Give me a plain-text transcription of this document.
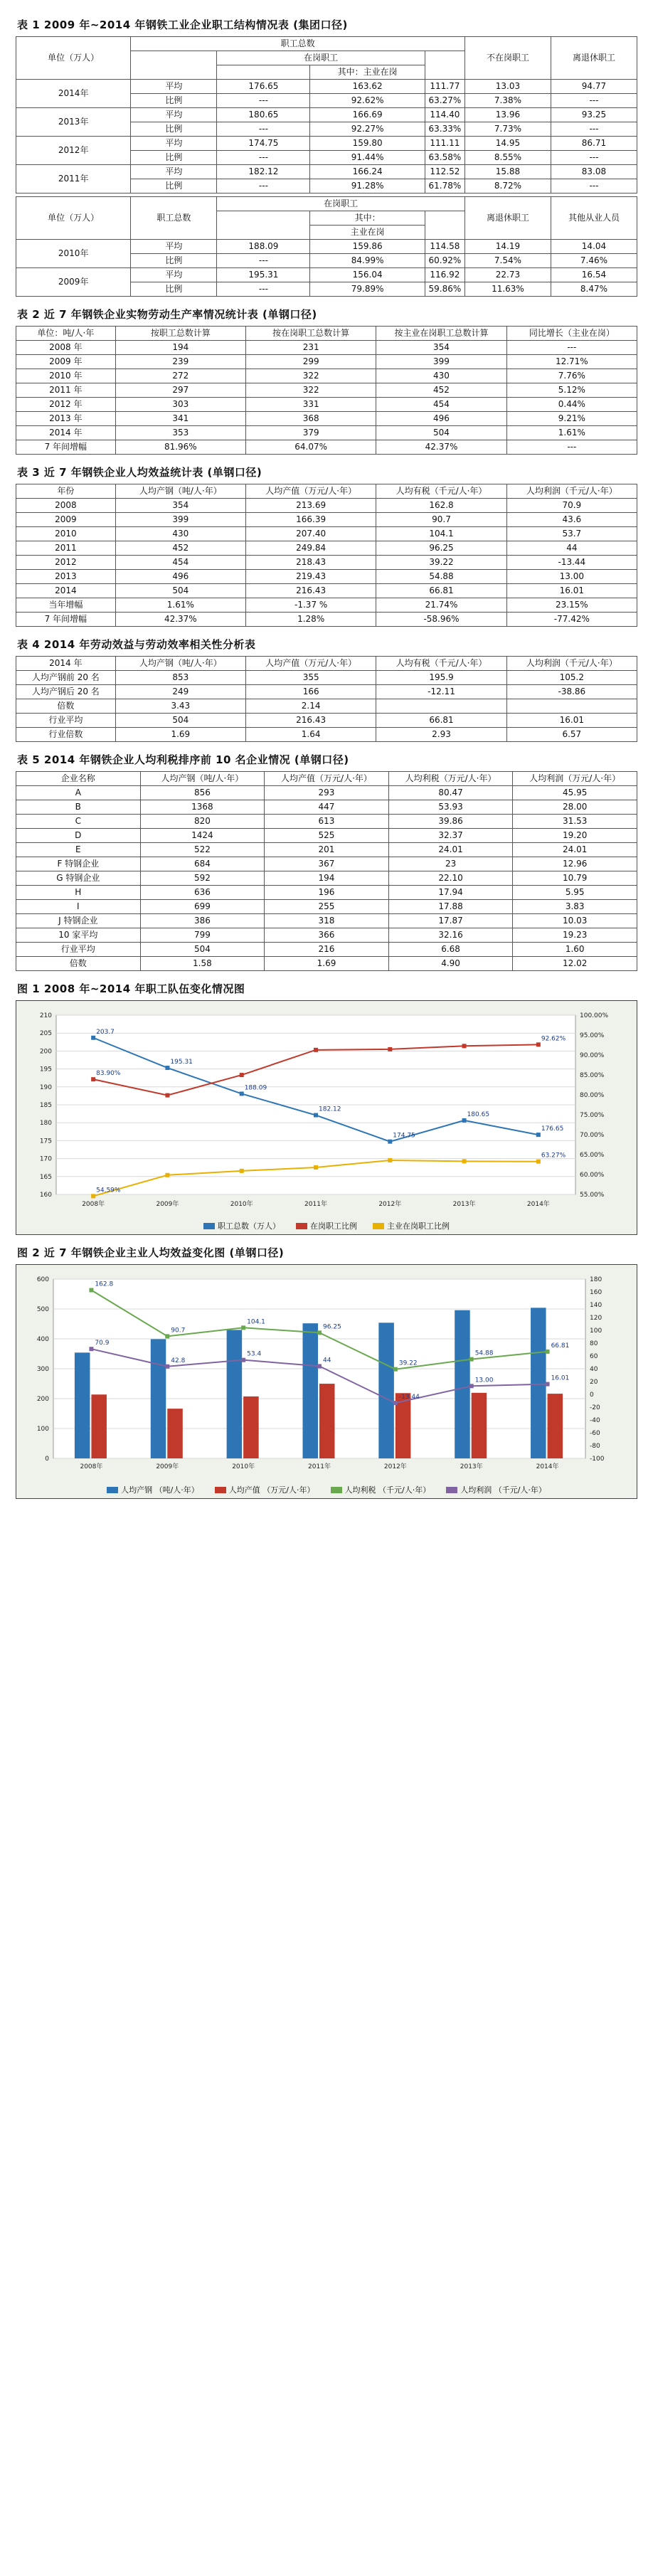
表 1 2009 年~2014 年钢铁工业企业职工结构情况表 (集团口径)
单位（万人）	职工总数				不在岗职工	离退休职工
		在岗职工				
			其中：主业在岗			
2014年	平均	176.65	163.62	111.77	13.03	94.77
	比例	---	92.62%	63.27%	7.38%	---
2013年	平均	180.65	166.69	114.40	13.96	93.25
	比例	---	92.27%	63.33%	7.73%	---
2012年	平均	174.75	159.80	111.11	14.95	86.71
	比例	---	91.44%	63.58%	8.55%	---
2011年	平均	182.12	166.24	112.52	15.88	83.08
	比例	---	91.28%	61.78%	8.72%	---
单位（万人）	职工总数	在岗职工			离退休职工	其他从业人员
			其中：			
			主业在岗			
2010年	平均	188.09	159.86	114.58	14.19	14.04
	比例	---	84.99%	60.92%	7.54%	7.46%
2009年	平均	195.31	156.04	116.92	22.73	16.54
	比例	---	79.89%	59.86%	11.63%	8.47%
表 2 近 7 年钢铁企业实物劳动生产率情况统计表 (单钢口径)
单位：吨/人·年	按职工总数计算	按在岗职工总数计算	按主业在岗职工总数计算	同比增长（主业在岗）
2008 年	194	231	354	---
2009 年	239	299	399	12.71%
2010 年	272	322	430	7.76%
2011 年	297	322	452	5.12%
2012 年	303	331	454	0.44%
2013 年	341	368	496	9.21%
2014 年	353	379	504	1.61%
7 年间增幅	81.96%	64.07%	42.37%	---
表 3 近 7 年钢铁企业人均效益统计表 (单钢口径)
年份	人均产钢（吨/人·年）	人均产值（万元/人·年）	人均有税（千元/人·年）	人均利润（千元/人·年）
2008	354	213.69	162.8	70.9
2009	399	166.39	90.7	43.6
2010	430	207.40	104.1	53.7
2011	452	249.84	96.25	44
2012	454	218.43	39.22	-13.44
2013	496	219.43	54.88	13.00
2014	504	216.43	66.81	16.01
当年增幅	1.61%	-1.37 %	21.74%	23.15%
7 年间增幅	42.37%	1.28%	-58.96%	-77.42%
表 4 2014 年劳动效益与劳动效率相关性分析表
2014 年	人均产钢（吨/人·年）	人均产值（万元/人·年）	人均有税（千元/人·年）	人均利润（千元/人·年）
人均产钢前 20 名	853	355	195.9	105.2
人均产钢后 20 名	249	166	-12.11	-38.86
倍数	3.43	2.14		
行业平均	504	216.43	66.81	16.01
行业倍数	1.69	1.64	2.93	6.57
表 5 2014 年钢铁企业人均利税排序前 10 名企业情况 (单钢口径)
企业名称	人均产钢（吨/人·年）	人均产值（万元/人·年）	人均利税（万元/人·年）	人均利润（万元/人·年）
A	856	293	80.47	45.95
B	1368	447	53.93	28.00
C	820	613	39.86	31.53
D	1424	525	32.37	19.20
E	522	201	24.01	24.01
F 特钢企业	684	367	23	12.96
G 特钢企业	592	194	22.10	10.79
H	636	196	17.94	5.95
I	699	255	17.88	3.83
J 特钢企业	386	318	17.87	10.03
10 家平均	799	366	32.16	19.23
行业平均	504	216	6.68	1.60
倍数	1.58	1.69	4.90	12.02
图 1 2008 年~2014 年职工队伍变化情况图
160
165
170
175
180
185
190
195
200
205
210
55.00%
60.00%
65.00%
70.00%
75.00%
80.00%
85.00%
90.00%
95.00%
100.00%
2008年	2009年	2010年	2011年	2012年	2013年	2014年
203.7
195.31
188.09
182.12
174.75
180.65
176.65
83.90%
92.62%
54.59%
63.27%
职工总数（万人）	在岗职工比例	主业在岗职工比例
图 2 近 7 年钢铁企业主业人均效益变化图 (单钢口径)
0
100
200
300
400
500
600
-100
-80
-60
-40
-20
0
20
40
60
80
100
120
140
160
180
2008年	2009年	2010年	2011年	2012年	2013年	2014年
162.8
90.7
104.1
96.25
39.22
54.88
66.81
70.9
42.8
53.4
44
-13.44
13.00	16.01
人均产钢 （吨/人·年）	人均产值 （万元/人·年）	人均利税 （千元/人·年）	人均利润 （千元/人·年）
